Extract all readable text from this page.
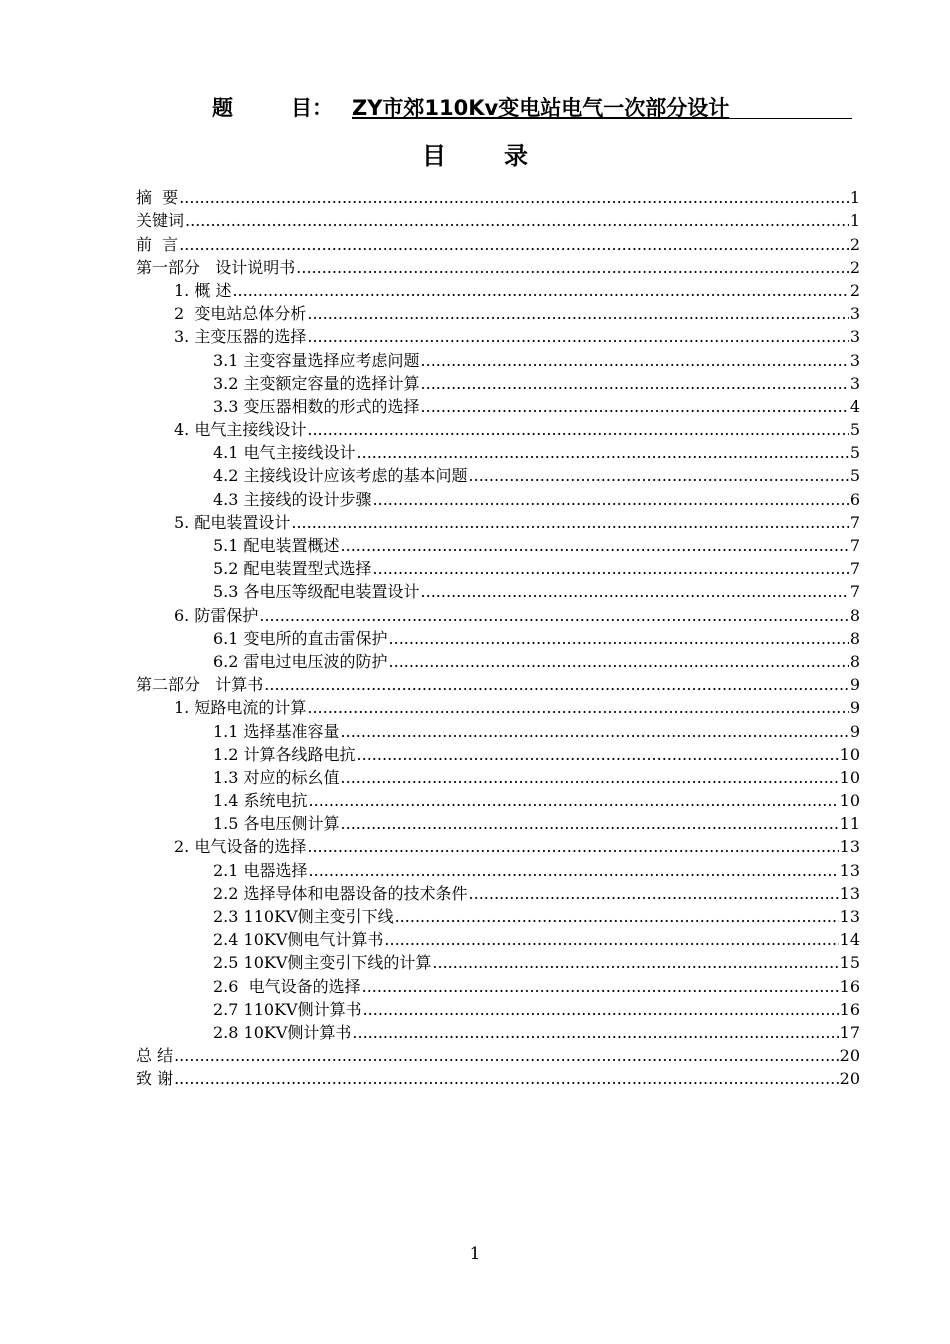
题	目： ZY市郊110Kv变电站电气一次部分设计
目 录
摘  要 .....	1
关键词 .....	1
前  言 .....	2
第一部分   设计说明书 .....	2
1. 概 述 .....	2
2  变电站总体分析 .....	3
3. 主变压器的选择 .....	3
3.1 主变容量选择应考虑问题 .....	3
3.2 主变额定容量的选择计算 .....	3
3.3 变压器相数的形式的选择 .....	4
4. 电气主接线设计 .....	5
4.1 电气主接线设计 .....	5
4.2 主接线设计应该考虑的基本问题 .....	5
4.3 主接线的设计步骤 .....	6
5. 配电装置设计 .....	7
5.1 配电装置概述 .....	7
5.2 配电装置型式选择 .....	7
5.3 各电压等级配电装置设计 .....	7
6. 防雷保护 .....	8
6.1 变电所的直击雷保护 .....	8
6.2 雷电过电压波的防护 .....	8
第二部分   计算书 .....	9
1. 短路电流的计算 .....	9
1.1 选择基准容量 .....	9
1.2 计算各线路电抗 .....	10
1.3 对应的标幺值 .....	10
1.4 系统电抗 .....	10
1.5 各电压侧计算 .....	11
2. 电气设备的选择 .....	13
2.1 电器选择 .....	13
2.2 选择导体和电器设备的技术条件 .....	13
2.3 110KV侧主变引下线 .....	13
2.4 10KV侧电气计算书 .....	14
2.5 10KV侧主变引下线的计算 .....	15
2.6  电气设备的选择 .....	16
2.7 110KV侧计算书 .....	16
2.8 10KV侧计算书 .....	17
总 结 .....	20
致 谢 .....	20
1
